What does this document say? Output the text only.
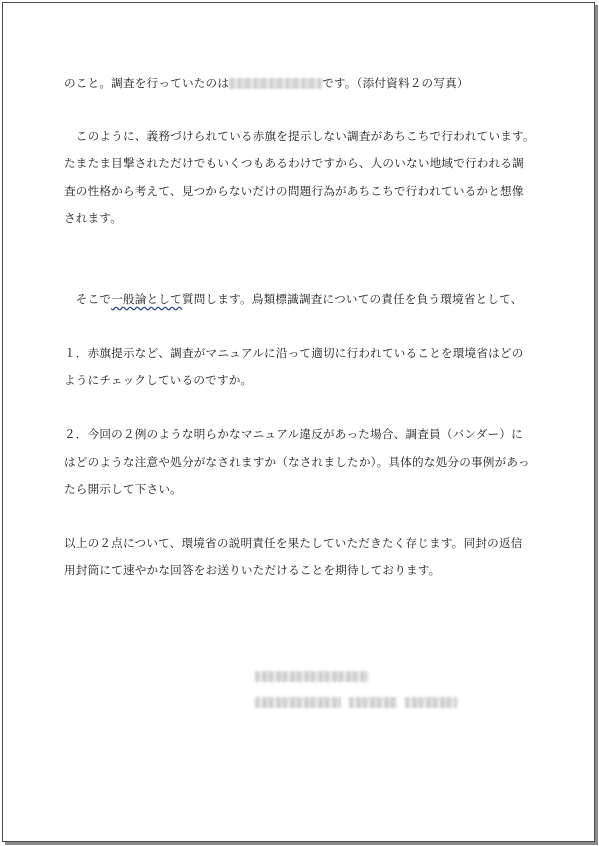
のこと。調査を行っていたのは	です。（添付資料２の写真）
　このように、義務づけられている赤旗を提示しない調査があちこちで行われています。
たまたま目撃されただけでもいくつもあるわけですから、人のいない地域で行われる調
査の性格から考えて、見つからないだけの問題行為があちこちで行われているかと想像
されます。
　そこで一般論として質問します。鳥類標識調査についての責任を負う環境省として、
１．赤旗提示など、調査がマニュアルに沿って適切に行われていることを環境省はどの
ようにチェックしているのですか。
２．今回の２例のような明らかなマニュアル違反があった場合、調査員（バンダー）に
はどのような注意や処分がなされますか（なされましたか）。具体的な処分の事例があっ
たら開示して下さい。
以上の２点について、環境省の説明責任を果たしていただきたく存じます。同封の返信
用封筒にて速やかな回答をお送りいただけることを期待しております。
